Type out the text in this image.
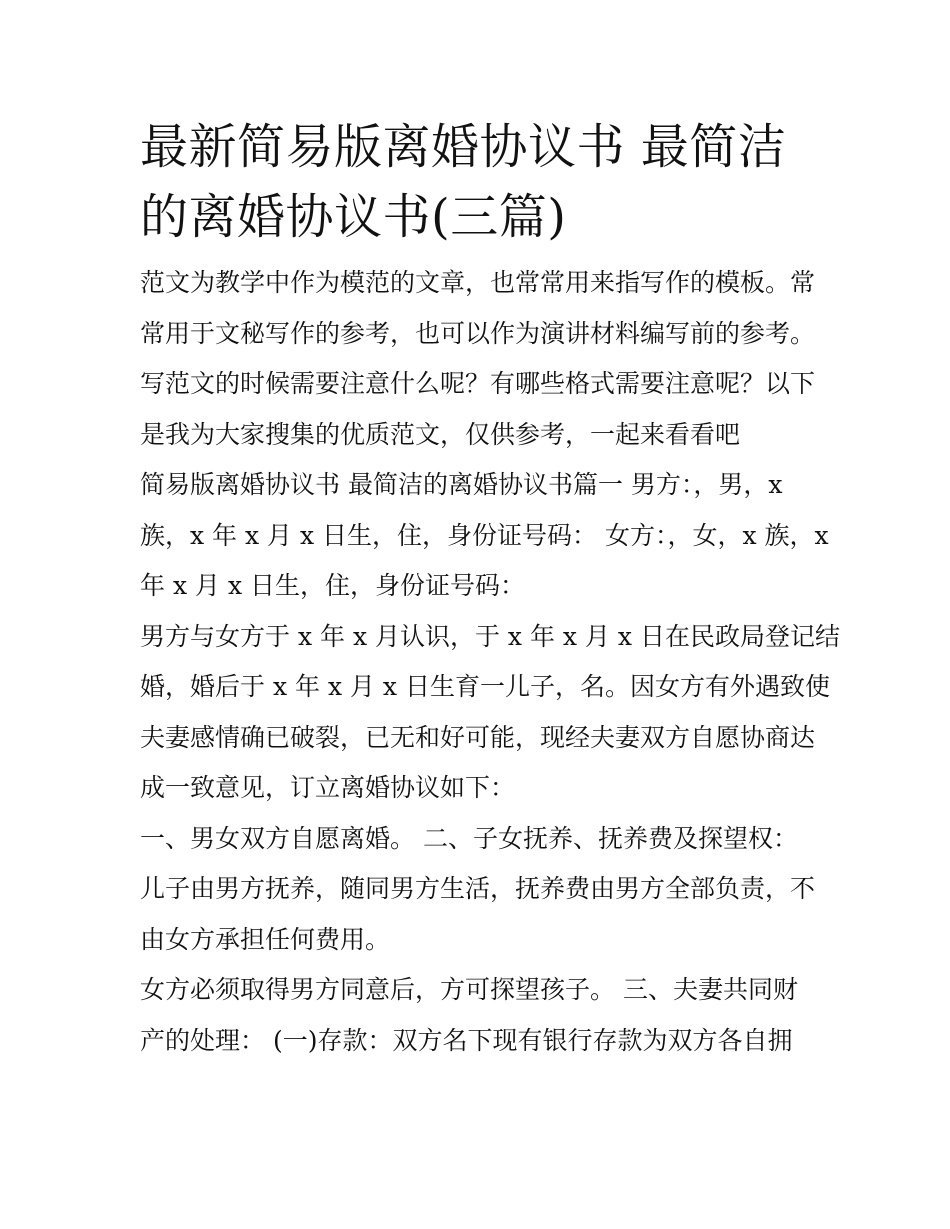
最新简易版离婚协议书 最简洁
的离婚协议书(三篇)
范文为教学中作为模范的文章，也常常用来指写作的模板。常
常用于文秘写作的参考，也可以作为演讲材料编写前的参考。
写范文的时候需要注意什么呢？有哪些格式需要注意呢？以下
是我为大家搜集的优质范文，仅供参考，一起来看看吧
简易版离婚协议书 最简洁的离婚协议书篇一 男方：，男，x
族，x 年 x 月 x 日生，住，身份证号码： 女方：，女，x 族，x
年 x 月 x 日生，住，身份证号码：
男方与女方于 x 年 x 月认识，于 x 年 x 月 x 日在民政局登记结
婚，婚后于 x 年 x 月 x 日生育一儿子，名。因女方有外遇致使
夫妻感情确已破裂，已无和好可能，现经夫妻双方自愿协商达
成一致意见，订立离婚协议如下：
一、男女双方自愿离婚。 二、子女抚养、抚养费及探望权：
儿子由男方抚养，随同男方生活，抚养费由男方全部负责，不
由女方承担任何费用。
女方必须取得男方同意后，方可探望孩子。 三、夫妻共同财
产的处理： (一)存款：双方名下现有银行存款为双方各自拥
